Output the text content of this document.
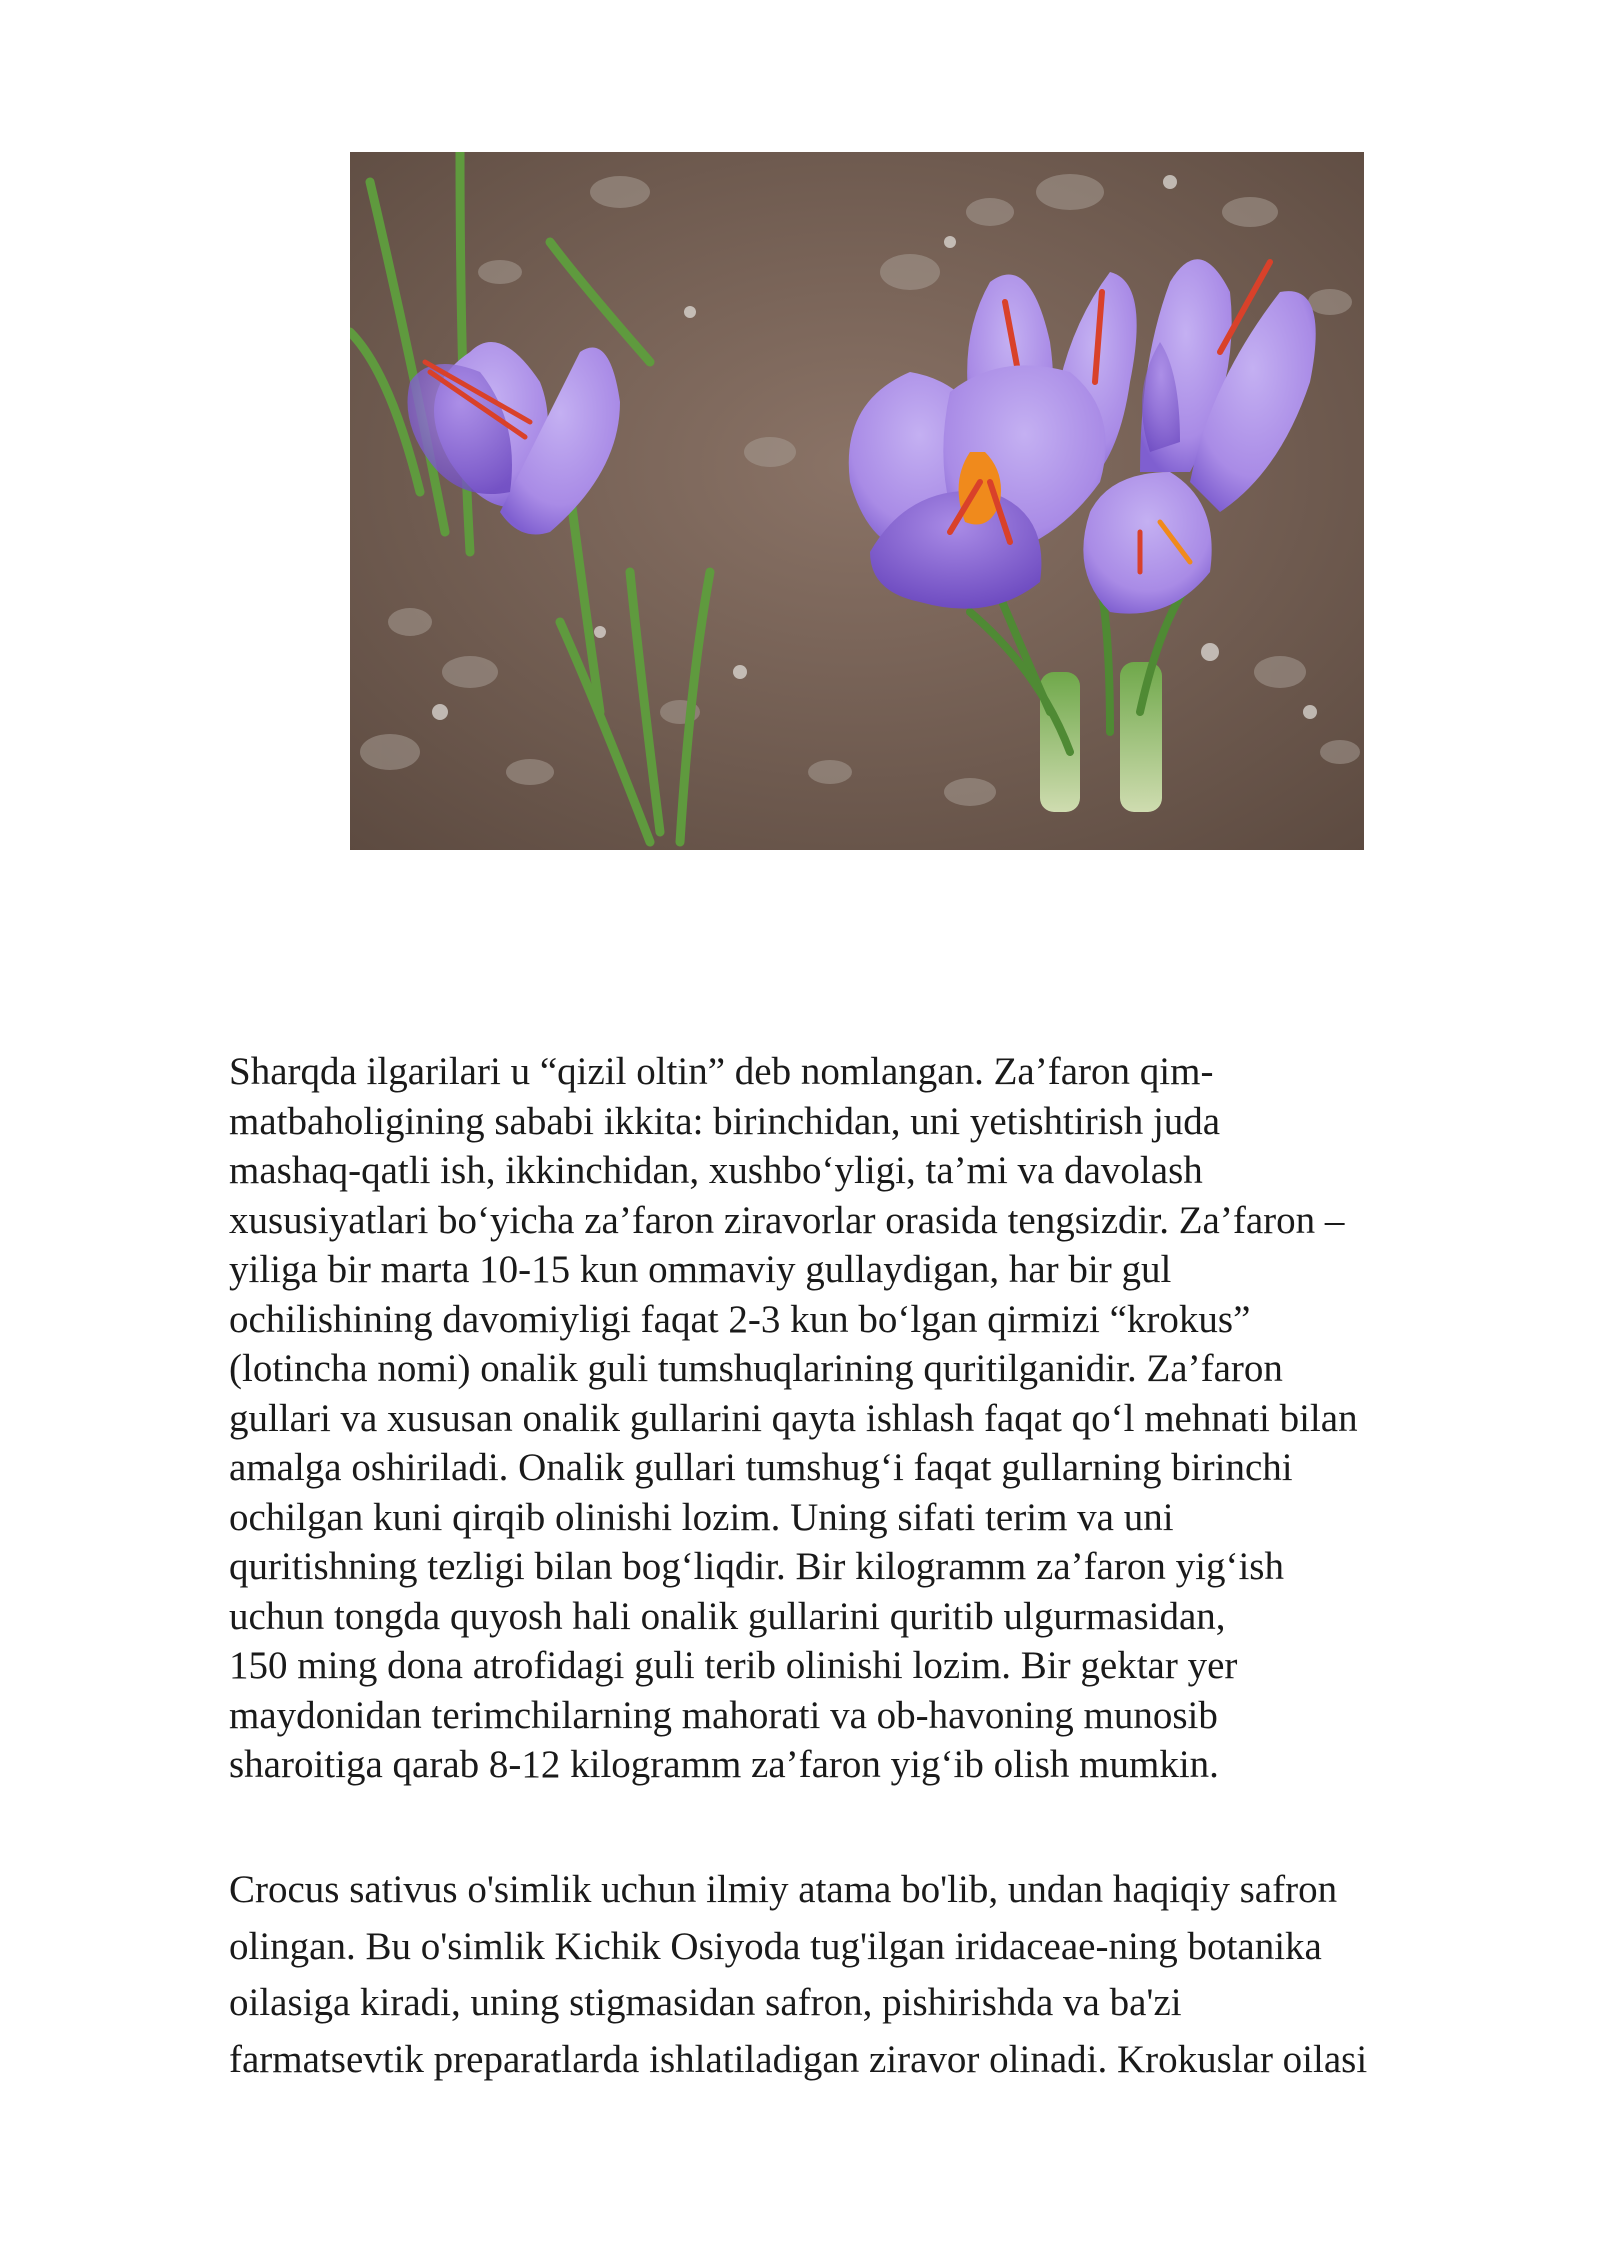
Sharqda ilgarilari u “qizil oltin” deb nomlangan. Za’faron qim-
matbaholigining sababi ikkita: birinchidan, uni yetishtirish juda
mashaq-qatli ish, ikkinchidan, xushbo‘yligi, ta’mi va davolash
xususiyatlari bo‘yicha za’faron ziravorlar orasida tengsizdir. Za’faron –
yiliga bir marta 10-15 kun ommaviy gullaydigan, har bir gul
ochilishining davomiyligi faqat 2-3 kun bo‘lgan qirmizi “krokus”
(lotincha nomi) onalik guli tumshuqlarining quritilganidir. Za’faron
gullari va xususan onalik gullarini qayta ishlash faqat qo‘l mehnati bilan
amalga oshiriladi. Onalik gullari tumshug‘i faqat gullarning birinchi
ochilgan kuni qirqib olinishi lozim. Uning sifati terim va uni
quritishning tezligi bilan bog‘liqdir. Bir kilogramm za’faron yig‘ish
uchun tongda quyosh hali onalik gullarini quritib ulgurmasidan,
150 ming dona atrofidagi guli terib olinishi lozim. Bir gektar yer
maydonidan terimchilarning mahorati va ob-havoning munosib
sharoitiga qarab 8-12 kilogramm za’faron yig‘ib olish mumkin.
Crocus sativus o'simlik uchun ilmiy atama bo'lib, undan haqiqiy safron
olingan. Bu o'simlik Kichik Osiyoda tug'ilgan iridaceae-ning botanika
oilasiga kiradi, uning stigmasidan safron, pishirishda va ba'zi
farmatsevtik preparatlarda ishlatiladigan ziravor olinadi. Krokuslar oilasi
